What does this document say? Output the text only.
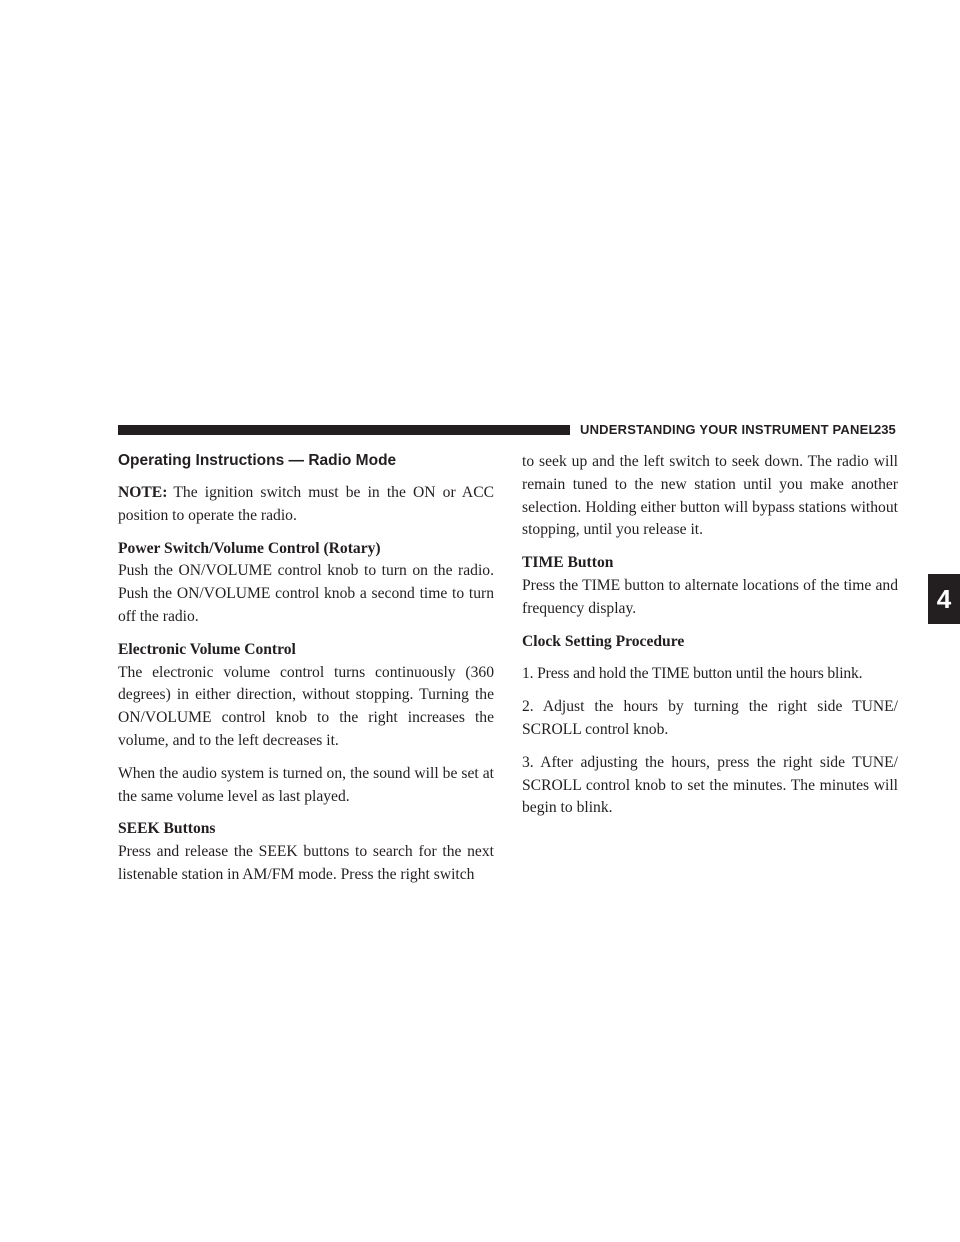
UNDERSTANDING YOUR INSTRUMENT PANEL
235
4
Operating Instructions — Radio Mode

NOTE: The ignition switch must be in the ON or ACC position to operate the radio.

Power Switch/Volume Control (Rotary)

Push the ON/VOLUME control knob to turn on the radio. Push the ON/VOLUME control knob a second time to turn off the radio.

Electronic Volume Control

The electronic volume control turns continuously (360 degrees) in either direction, without stopping. Turning the ON/VOLUME control knob to the right increases the volume, and to the left decreases it.

When the audio system is turned on, the sound will be set at the same volume level as last played.

SEEK Buttons

Press and release the SEEK buttons to search for the next listenable station in AM/FM mode. Press the right switch

to seek up and the left switch to seek down. The radio will remain tuned to the new station until you make another selection. Holding either button will bypass stations without stopping, until you release it.

TIME Button

Press the TIME button to alternate locations of the time and frequency display.

Clock Setting Procedure

1. Press and hold the TIME button until the hours blink.

2. Adjust the hours by turning the right side TUNE/ SCROLL control knob.

3. After adjusting the hours, press the right side TUNE/ SCROLL control knob to set the minutes. The minutes will begin to blink.
